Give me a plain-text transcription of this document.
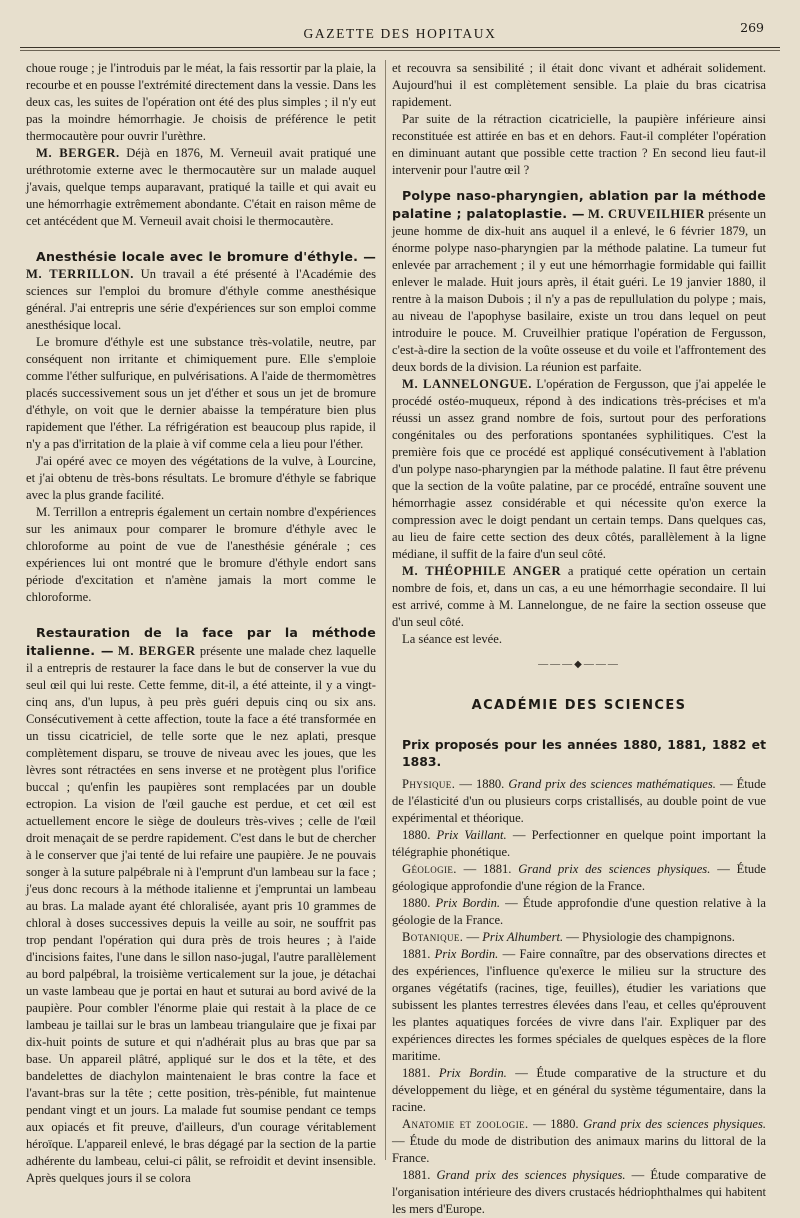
GAZETTE DES HOPITAUX	269

choue rouge ; je l'introduis par le méat, la fais ressortir par la plaie, la recourbe et en pousse l'extrémité directement dans la vessie. Dans les deux cas, les suites de l'opération ont été des plus simples ; il n'y eut pas la moindre hémorrhagie. Je choisis de préférence le petit thermocautère pour ouvrir l'urèthre.

M. BERGER. Déjà en 1876, M. Verneuil avait pratiqué une uréthrotomie externe avec le thermocautère sur un malade auquel j'avais, quelque temps auparavant, pratiqué la taille et qui avait eu une hémorrhagie extrêmement abondante. C'était en raison même de cet antécédent que M. Verneuil avait choisi le thermocautère.

Anesthésie locale avec le bromure d'éthyle. — M. TERRILLON. Un travail a été présenté à l'Académie des sciences sur l'emploi du bromure d'éthyle comme anesthésique général. J'ai entrepris une série d'expériences sur son emploi comme anesthésique local.

Le bromure d'éthyle est une substance très-volatile, neutre, par conséquent non irritante et chimiquement pure. Elle s'emploie comme l'éther sulfurique, en pulvérisations. A l'aide de thermomètres placés successivement sous un jet d'éther et sous un jet de bromure d'éthyle, on voit que le dernier abaisse la température bien plus rapidement que l'éther. La réfrigération est beaucoup plus rapide, il n'y a pas d'irritation de la plaie à vif comme cela a lieu pour l'éther.

J'ai opéré avec ce moyen des végétations de la vulve, à Lourcine, et j'ai obtenu de très-bons résultats. Le bromure d'éthyle se fabrique avec la plus grande facilité.

M. Terrillon a entrepris également un certain nombre d'expériences sur les animaux pour comparer le bromure d'éthyle avec le chloroforme au point de vue de l'anesthésie générale ; ces expériences lui ont montré que le bromure d'éthyle endort sans période d'excitation et n'amène jamais la mort comme le chloroforme.

Restauration de la face par la méthode italienne. — M. BERGER présente une malade chez laquelle il a entrepris de restaurer la face dans le but de conserver la vue du seul œil qui lui reste. Cette femme, dit-il, a été atteinte, il y a vingt-cinq ans, d'un lupus, à peu près guéri depuis cinq ou six ans. Consécutivement à cette affection, toute la face a été transformée en un tissu cicatriciel, de telle sorte que le nez aplati, presque complètement disparu, se trouve de niveau avec les joues, que les lèvres sont rétractées en sens inverse et ne protègent plus l'orifice buccal ; qu'enfin les paupières sont remplacées par un double ectropion. La vision de l'œil gauche est perdue, et cet œil est actuellement encore le siège de douleurs très-vives ; celle de l'œil droit menaçait de se perdre rapidement. C'est dans le but de chercher à le conserver que j'ai tenté de lui refaire une paupière. Je ne pouvais songer à la suture palpébrale ni à l'emprunt d'un lambeau sur la face ; j'eus donc recours à la méthode italienne et j'empruntai un lambeau au bras. La malade ayant été chloralisée, ayant pris 10 grammes de chloral à doses successives depuis la veille au soir, ne souffrit pas trop pendant l'opération qui dura près de trois heures ; à l'aide d'incisions faites, l'une dans le sillon naso-jugal, l'autre parallèlement au bord palpébral, la troisième verticalement sur la joue, je détachai un vaste lambeau que je portai en haut et suturai au bord avivé de la paupière. Pour combler l'énorme plaie qui restait à la place de ce lambeau je taillai sur le bras un lambeau triangulaire que je fixai par dix-huit points de suture et qui n'adhérait plus au bras que par sa base. Un appareil plâtré, appliqué sur le dos et la tête, et des bandelettes de diachylon maintenaient le bras contre la face et l'avant-bras sur la tête ; cette position, très-pénible, fut maintenue pendant vingt et un jours. La malade fut soumise pendant ce temps aux opiacés et fit preuve, d'ailleurs, d'un courage véritablement héroïque. L'appareil enlevé, le bras dégagé par la section de la partie adhérente du lambeau, celui-ci pâlit, se refroidit et devint insensible. Après quelques jours il se colora

et recouvra sa sensibilité ; il était donc vivant et adhérait solidement. Aujourd'hui il est complètement sensible. La plaie du bras cicatrisa rapidement.

Par suite de la rétraction cicatricielle, la paupière inférieure ainsi reconstituée est attirée en bas et en dehors. Faut-il compléter l'opération en diminuant autant que possible cette traction ? En second lieu faut-il intervenir pour l'autre œil ?

Polype naso-pharyngien, ablation par la méthode palatine ; palatoplastie. — M. CRUVEILHIER présente un jeune homme de dix-huit ans auquel il a enlevé, le 6 février 1879, un énorme polype naso-pharyngien par la méthode palatine. La tumeur fut enlevée par arrachement ; il y eut une hémorrhagie formidable qui faillit enlever le malade. Huit jours après, il était guéri. Le 19 janvier 1880, il rentre à la maison Dubois ; il n'y a pas de repullulation du polype ; mais, au niveau de l'apophyse basilaire, existe un trou dans lequel on peut introduire le pouce. M. Cruveilhier pratique l'opération de Fergusson, c'est-à-dire la section de la voûte osseuse et du voile et l'affrontement des deux bords de la division. La réunion est parfaite.

M. LANNELONGUE. L'opération de Fergusson, que j'ai appelée le procédé ostéo-muqueux, répond à des indications très-précises et m'a réussi un assez grand nombre de fois, surtout pour des perforations congénitales ou des perforations spontanées syphilitiques. C'est la première fois que ce procédé est appliqué consécutivement à l'ablation d'un polype naso-pharyngien par la méthode palatine. Il faut être prévenu que la section de la voûte palatine, par ce procédé, entraîne souvent une hémorrhagie assez considérable et qui nécessite qu'on exerce la compression avec le doigt pendant un certain temps. Dans quelques cas, au lieu de faire cette section des deux côtés, parallèlement à la ligne médiane, il suffit de la faire d'un seul côté.

M. THÉOPHILE ANGER a pratiqué cette opération un certain nombre de fois, et, dans un cas, a eu une hémorrhagie secondaire. Il lui est arrivé, comme à M. Lannelongue, de ne faire la section osseuse que d'un seul côté.

La séance est levée.

―――◆―――
ACADÉMIE DES SCIENCES
Prix proposés pour les années 1880, 1881, 1882 et 1883.

Physique. — 1880. Grand prix des sciences mathématiques. — Étude de l'élasticité d'un ou plusieurs corps cristallisés, au double point de vue expérimental et théorique.

1880. Prix Vaillant. — Perfectionner en quelque point important la télégraphie phonétique.

Géologie. — 1881. Grand prix des sciences physiques. — Étude géologique approfondie d'une région de la France.

1880. Prix Bordin. — Étude approfondie d'une question relative à la géologie de la France.

Botanique. — Prix Alhumbert. — Physiologie des champignons.

1881. Prix Bordin. — Faire connaître, par des observations directes et des expériences, l'influence qu'exerce le milieu sur la structure des organes végétatifs (racines, tige, feuilles), étudier les variations que subissent les plantes terrestres élevées dans l'eau, et celles qu'éprouvent les plantes aquatiques forcées de vivre dans l'air. Expliquer par des expériences directes les formes spéciales de quelques espèces de la flore maritime.

1881. Prix Bordin. — Étude comparative de la structure et du développement du liège, et en général du système tégumentaire, dans la racine.

Anatomie et zoologie. — 1880. Grand prix des sciences physiques. — Étude du mode de distribution des animaux marins du littoral de la France.

1881. Grand prix des sciences physiques. — Étude comparative de l'organisation intérieure des divers crustacés hédriophthalmes qui habitent les mers d'Europe.
